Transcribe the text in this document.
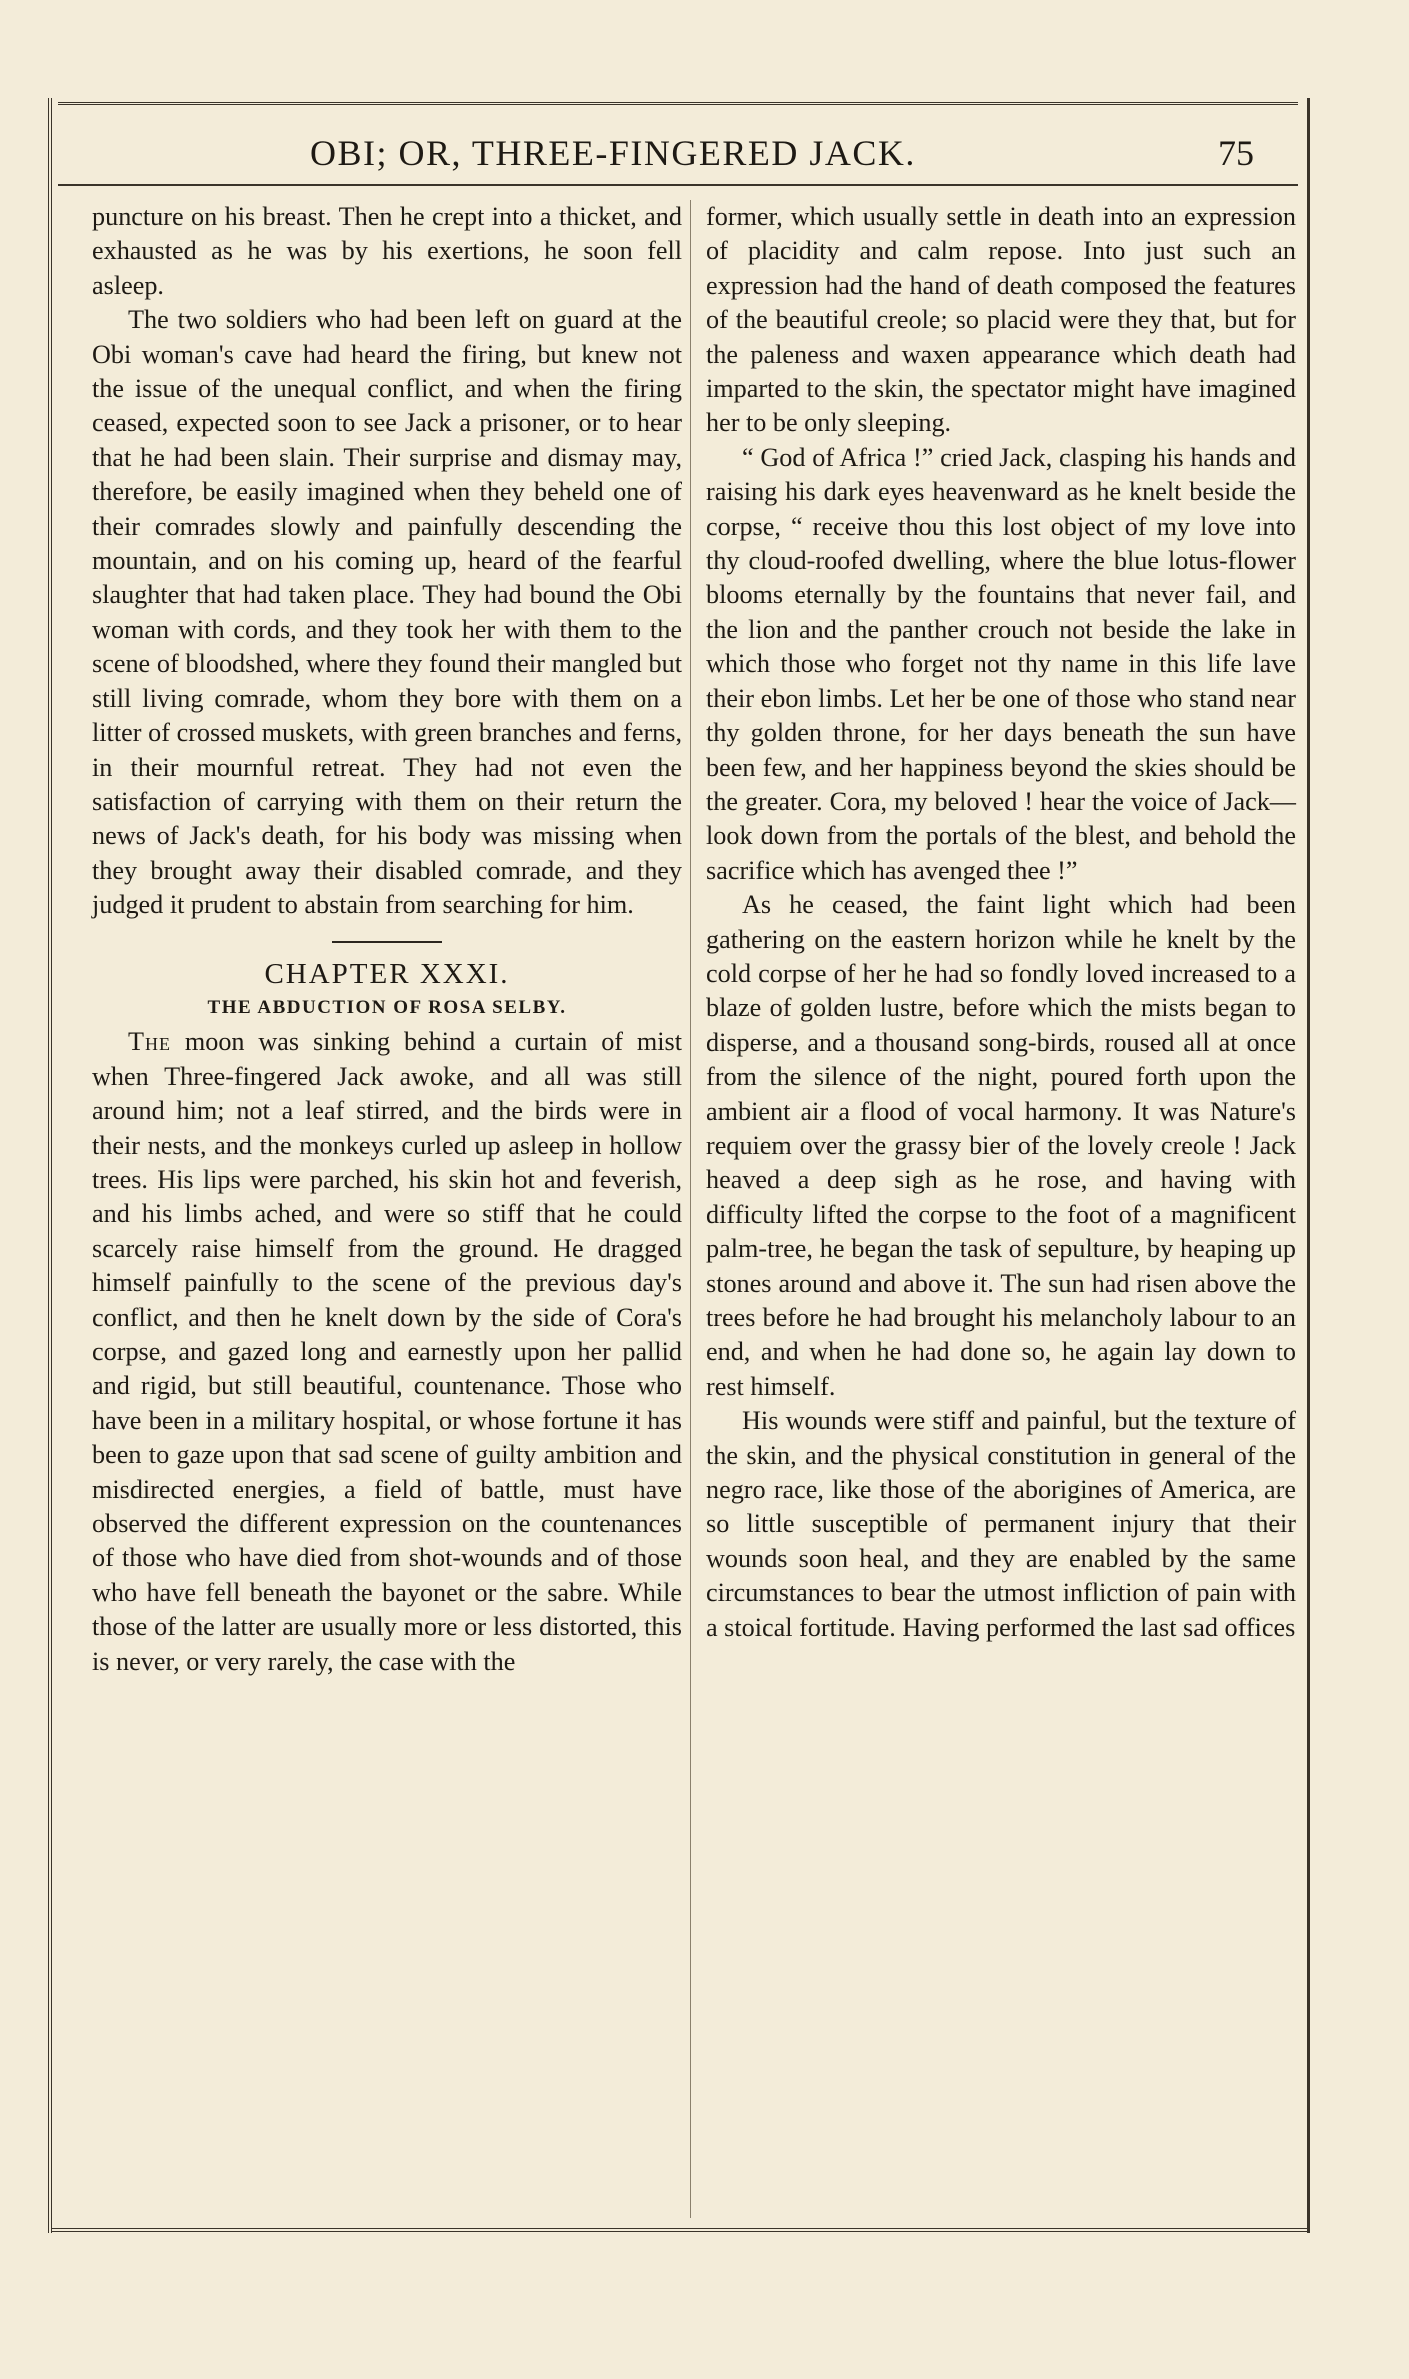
OBI; OR, THREE-FINGERED JACK.	75

puncture on his breast. Then he crept into a thicket, and exhausted as he was by his exertions, he soon fell asleep.

The two soldiers who had been left on guard at the Obi woman's cave had heard the firing, but knew not the issue of the unequal conflict, and when the firing ceased, expected soon to see Jack a prisoner, or to hear that he had been slain. Their surprise and dismay may, therefore, be easily imagined when they beheld one of their comrades slowly and painfully descending the mountain, and on his coming up, heard of the fearful slaughter that had taken place. They had bound the Obi woman with cords, and they took her with them to the scene of bloodshed, where they found their mangled but still living comrade, whom they bore with them on a litter of crossed muskets, with green branches and ferns, in their mournful retreat. They had not even the satisfaction of carrying with them on their return the news of Jack's death, for his body was missing when they brought away their disabled comrade, and they judged it prudent to abstain from searching for him.

CHAPTER XXXI.

THE ABDUCTION OF ROSA SELBY.

The moon was sinking behind a curtain of mist when Three-fingered Jack awoke, and all was still around him; not a leaf stirred, and the birds were in their nests, and the monkeys curled up asleep in hollow trees. His lips were parched, his skin hot and feverish, and his limbs ached, and were so stiff that he could scarcely raise himself from the ground. He dragged himself painfully to the scene of the previous day's conflict, and then he knelt down by the side of Cora's corpse, and gazed long and earnestly upon her pallid and rigid, but still beautiful, countenance. Those who have been in a military hospital, or whose fortune it has been to gaze upon that sad scene of guilty ambition and misdirected energies, a field of battle, must have observed the different expression on the countenances of those who have died from shot-wounds and of those who have fell beneath the bayonet or the sabre. While those of the latter are usually more or less distorted, this is never, or very rarely, the case with the

former, which usually settle in death into an expression of placidity and calm repose. Into just such an expression had the hand of death composed the features of the beautiful creole; so placid were they that, but for the paleness and waxen appearance which death had imparted to the skin, the spectator might have imagined her to be only sleeping.

“ God of Africa !” cried Jack, clasping his hands and raising his dark eyes heavenward as he knelt beside the corpse, “ receive thou this lost object of my love into thy cloud-roofed dwelling, where the blue lotus-flower blooms eternally by the fountains that never fail, and the lion and the panther crouch not beside the lake in which those who forget not thy name in this life lave their ebon limbs. Let her be one of those who stand near thy golden throne, for her days beneath the sun have been few, and her happiness beyond the skies should be the greater. Cora, my beloved ! hear the voice of Jack—look down from the portals of the blest, and behold the sacrifice which has avenged thee !”

As he ceased, the faint light which had been gathering on the eastern horizon while he knelt by the cold corpse of her he had so fondly loved increased to a blaze of golden lustre, before which the mists began to disperse, and a thousand song-birds, roused all at once from the silence of the night, poured forth upon the ambient air a flood of vocal harmony. It was Nature's requiem over the grassy bier of the lovely creole ! Jack heaved a deep sigh as he rose, and having with difficulty lifted the corpse to the foot of a magnificent palm-tree, he began the task of sepulture, by heaping up stones around and above it. The sun had risen above the trees before he had brought his melancholy labour to an end, and when he had done so, he again lay down to rest himself.

His wounds were stiff and painful, but the texture of the skin, and the physical constitution in general of the negro race, like those of the aborigines of America, are so little susceptible of permanent injury that their wounds soon heal, and they are enabled by the same circumstances to bear the utmost infliction of pain with a stoical fortitude. Having performed the last sad offices
